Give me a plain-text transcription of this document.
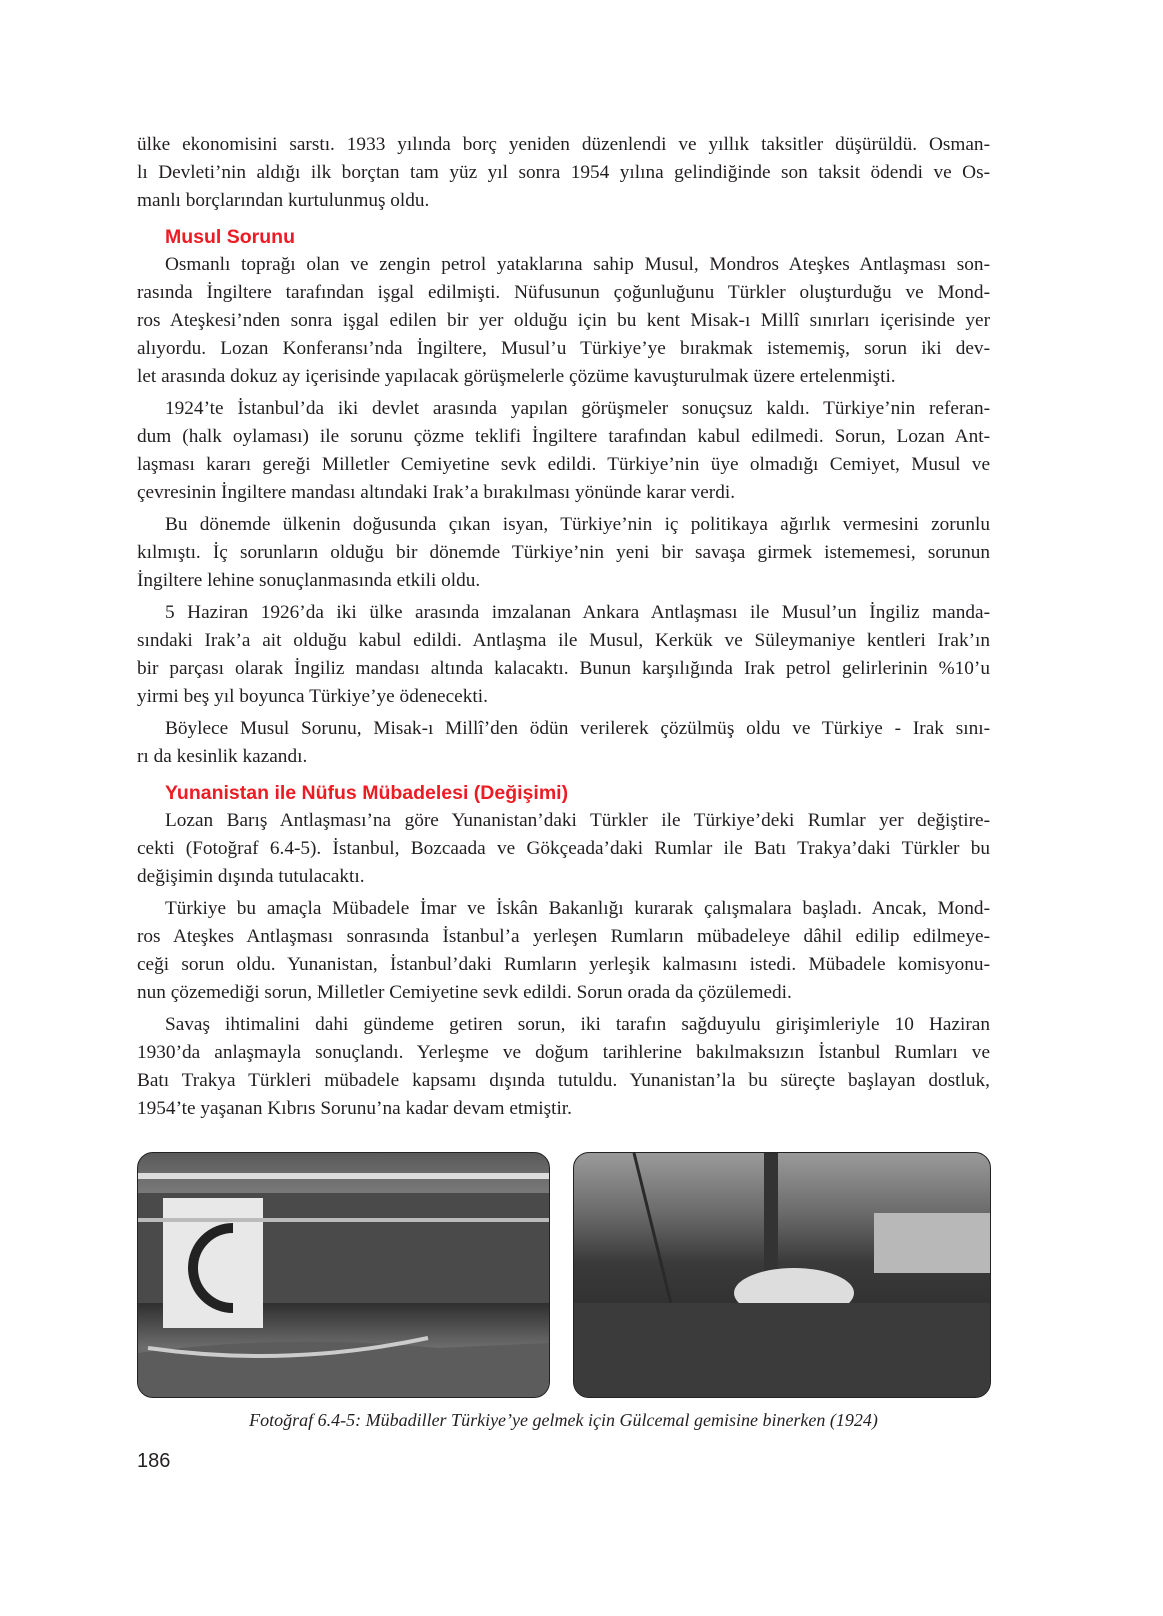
ülke ekonomisini sarstı. 1933 yılında borç yeniden düzenlendi ve yıllık taksitler düşürüldü. Osman-
lı Devleti’nin aldığı ilk borçtan tam yüz yıl sonra 1954 yılına gelindiğinde son taksit ödendi ve Os-
manlı borçlarından kurtulunmuş oldu.
Musul Sorunu
Osmanlı toprağı olan ve zengin petrol yataklarına sahip Musul, Mondros Ateşkes Antlaşması son-
rasında İngiltere tarafından işgal edilmişti. Nüfusunun çoğunluğunu Türkler oluşturduğu ve Mond-
ros Ateşkesi’nden sonra işgal edilen bir yer olduğu için bu kent Misak-ı Millî sınırları içerisinde yer
alıyordu. Lozan Konferansı’nda İngiltere, Musul’u Türkiye’ye bırakmak istememiş, sorun iki dev-
let arasında dokuz ay içerisinde yapılacak görüşmelerle çözüme kavuşturulmak üzere ertelenmişti.
1924’te İstanbul’da iki devlet arasında yapılan görüşmeler sonuçsuz kaldı. Türkiye’nin referan-
dum (halk oylaması) ile sorunu çözme teklifi İngiltere tarafından kabul edilmedi. Sorun, Lozan Ant-
laşması kararı gereği Milletler Cemiyetine sevk edildi. Türkiye’nin üye olmadığı Cemiyet, Musul ve
çevresinin İngiltere mandası altındaki Irak’a bırakılması yönünde karar verdi.
Bu dönemde ülkenin doğusunda çıkan isyan, Türkiye’nin iç politikaya ağırlık vermesini zorunlu
kılmıştı. İç sorunların olduğu bir dönemde Türkiye’nin yeni bir savaşa girmek istememesi, sorunun
İngiltere lehine sonuçlanmasında etkili oldu.
5 Haziran 1926’da iki ülke arasında imzalanan Ankara Antlaşması ile Musul’un İngiliz manda-
sındaki Irak’a ait olduğu kabul edildi. Antlaşma ile Musul, Kerkük ve Süleymaniye kentleri Irak’ın
bir parçası olarak İngiliz mandası altında kalacaktı. Bunun karşılığında Irak petrol gelirlerinin %10’u
yirmi beş yıl boyunca Türkiye’ye ödenecekti.
Böylece Musul Sorunu, Misak-ı Millî’den ödün verilerek çözülmüş oldu ve Türkiye - Irak sını-
rı da kesinlik kazandı.
Yunanistan ile Nüfus Mübadelesi (Değişimi)
Lozan Barış Antlaşması’na göre Yunanistan’daki Türkler ile Türkiye’deki Rumlar yer değiştire-
cekti (Fotoğraf 6.4-5). İstanbul, Bozcaada ve Gökçeada’daki Rumlar ile Batı Trakya’daki Türkler bu
değişimin dışında tutulacaktı.
Türkiye bu amaçla Mübadele İmar ve İskân Bakanlığı kurarak çalışmalara başladı. Ancak, Mond-
ros Ateşkes Antlaşması sonrasında İstanbul’a yerleşen Rumların mübadeleye dâhil edilip edilmeye-
ceği sorun oldu. Yunanistan, İstanbul’daki Rumların yerleşik kalmasını istedi. Mübadele komisyonu-
nun çözemediği sorun, Milletler Cemiyetine sevk edildi. Sorun orada da çözülemedi.
Savaş ihtimalini dahi gündeme getiren sorun, iki tarafın sağduyulu girişimleriyle 10 Haziran
1930’da anlaşmayla sonuçlandı. Yerleşme ve doğum tarihlerine bakılmaksızın İstanbul Rumları ve
Batı Trakya Türkleri mübadele kapsamı dışında tutuldu. Yunanistan’la bu süreçte başlayan dostluk,
1954’te yaşanan Kıbrıs Sorunu’na kadar devam etmiştir.
Fotoğraf 6.4-5: Mübadiller Türkiye’ye gelmek için Gülcemal gemisine binerken (1924)
186
